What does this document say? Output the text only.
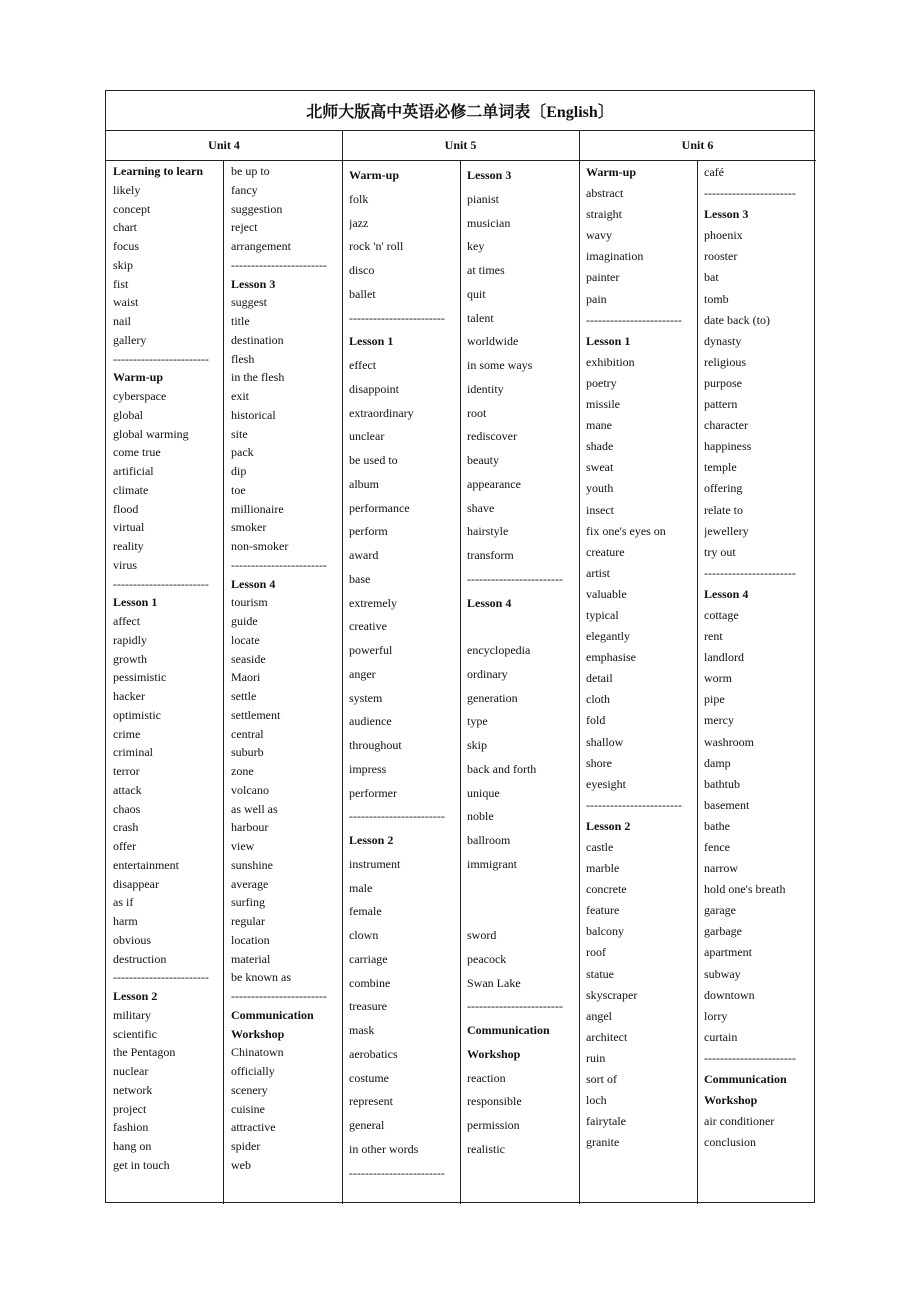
北师大版高中英语必修二单词表〔English〕
Unit 4	Unit 5	Unit 6
Learning to learn
likely
concept
chart
focus
skip
fist
waist
nail
gallery
------------------------
Warm-up
cyberspace
global
global warming
come true
artificial
climate
flood
virtual
reality
virus
------------------------
Lesson 1
affect
rapidly
growth
pessimistic
hacker
optimistic
crime
criminal
terror
attack
chaos
crash
offer
entertainment
disappear
as if
harm
obvious
destruction
------------------------
Lesson 2
military
scientific
the Pentagon
nuclear
network
project
fashion
hang on
get in touch
be up to
fancy
suggestion
reject
arrangement
------------------------
Lesson 3
suggest
title
destination
flesh
in the flesh
exit
historical
site
pack
dip
toe
millionaire
smoker
non-smoker
------------------------
Lesson 4
tourism
guide
locate
seaside
Maori
settle
settlement
central
suburb
zone
volcano
as well as
harbour
view
sunshine
average
surfing
regular
location
material
be known as
------------------------
Communication
Workshop
Chinatown
officially
scenery
cuisine
attractive
spider
web
Warm-up
folk
jazz
rock 'n' roll
disco
ballet
------------------------
Lesson 1
effect
disappoint
extraordinary
unclear
be used to
album
performance
perform
award
base
extremely
creative
powerful
anger
system
audience
throughout
impress
performer
------------------------
Lesson 2
instrument
male
female
clown
carriage
combine
treasure
mask
aerobatics
costume
represent
general
in other words
------------------------
Lesson 3
pianist
musician
key
at times
quit
talent
worldwide
in some ways
identity
root
rediscover
beauty
appearance
shave
hairstyle
transform
------------------------
Lesson 4
encyclopedia
ordinary
generation
type
skip
back and forth
unique
noble
ballroom
immigrant
sword
peacock
Swan Lake
------------------------
Communication
Workshop
reaction
responsible
permission
realistic
Warm-up
abstract
straight
wavy
imagination
painter
pain
------------------------
Lesson 1
exhibition
poetry
missile
mane
shade
sweat
youth
insect
fix one's eyes on
creature
artist
valuable
typical
elegantly
emphasise
detail
cloth
fold
shallow
shore
eyesight
------------------------
Lesson 2
castle
marble
concrete
feature
balcony
roof
statue
skyscraper
angel
architect
ruin
sort of
loch
fairytale
granite
café
-----------------------
Lesson 3
phoenix
rooster
bat
tomb
date back (to)
dynasty
religious
purpose
pattern
character
happiness
temple
offering
relate to
jewellery
try out
-----------------------
Lesson 4
cottage
rent
landlord
worm
pipe
mercy
washroom
damp
bathtub
basement
bathe
fence
narrow
hold one's breath
garage
garbage
apartment
subway
downtown
lorry
curtain
-----------------------
Communication
Workshop
air conditioner
conclusion
